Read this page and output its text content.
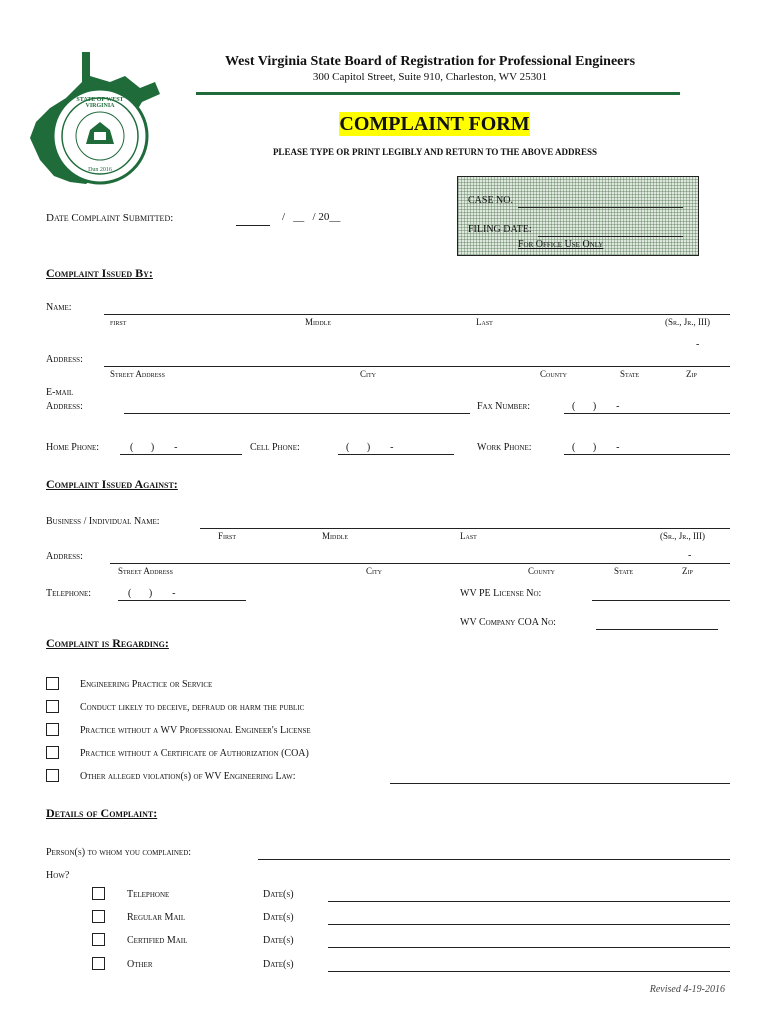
STATE OF WEST VIRGINIA
Dun 2016
West Virginia State Board of Registration for Professional Engineers
300 Capitol Street, Suite 910, Charleston, WV 25301
COMPLAINT FORM
PLEASE TYPE OR PRINT LEGIBLY AND RETURN TO THE ABOVE ADDRESS
CASE NO.
FILING DATE:
For Office Use Only
Date Complaint Submitted:	/   __   / 20__
Complaint Issued By:
Name:
first	Middle	Last	(Sr., Jr., III)
-
Address:
Street Address	City	County	State	Zip
E-mail
Address:	Fax Number:	(       )        -
Home Phone:	(       )        -	Cell Phone:	(       )        -	Work Phone:	(       )        -
Complaint Issued Against:
Business / Individual Name:
First	Middle	Last	(Sr., Jr., III)
-
Address:
Street Address	City	County	State	Zip
Telephone:	(       )        -	WV PE License No:
WV Company COA No:
Complaint is Regarding:
Engineering Practice or Service
Conduct likely to deceive, defraud or harm the public
Practice without a WV Professional Engineer's License
Practice without a Certificate of Authorization (COA)
Other alleged violation(s) of WV Engineering Law:
Details of Complaint:
Person(s) to whom you complained:
How?
Telephone	Date(s)
Regular Mail	Date(s)
Certified Mail	Date(s)
Other	Date(s)
Revised 4-19-2016
